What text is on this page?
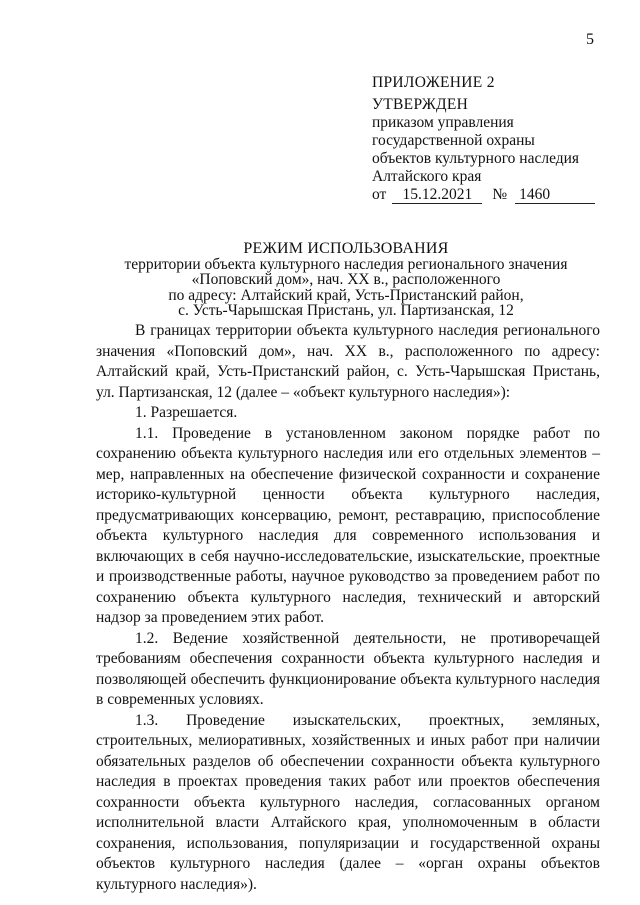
5
ПРИЛОЖЕНИЕ 2
УТВЕРЖДЕН
приказом управления
государственной охраны
объектов культурного наследия
Алтайского края
от	15.12.2021	№ 1460
РЕЖИМ ИСПОЛЬЗОВАНИЯ
территории объекта культурного наследия регионального значения
«Поповский дом», нач. XX в., расположенного
по адресу: Алтайский край, Усть-Пристанский район,
с. Усть-Чарышская Пристань, ул. Партизанская, 12

В границах территории объекта культурного наследия регионального значения «Поповский дом», нач. XX в., расположенного по адресу: Алтайский край, Усть-Пристанский район, с. Усть-Чарышская Пристань, ул. Партизанская, 12 (далее – «объект культурного наследия»):

1. Разрешается.

1.1. Проведение в установленном законом порядке работ по сохранению объекта культурного наследия или его отдельных элементов – мер, направленных на обеспечение физической сохранности и сохранение историко-культурной ценности объекта культурного наследия, предусматривающих консервацию, ремонт, реставрацию, приспособление объекта культурного наследия для современного использования и включающих в себя научно-исследовательские, изыскательские, проектные и производственные работы, научное руководство за проведением работ по сохранению объекта культурного наследия, технический и авторский надзор за проведением этих работ.

1.2. Ведение хозяйственной деятельности, не противоречащей требованиям обеспечения сохранности объекта культурного наследия и позволяющей обеспечить функционирование объекта культурного наследия в современных условиях.

1.3. Проведение изыскательских, проектных, земляных, строительных, мелиоративных, хозяйственных и иных работ при наличии обязательных разделов об обеспечении сохранности объекта культурного наследия в проектах проведения таких работ или проектов обеспечения сохранности объекта культурного наследия, согласованных органом исполнительной власти Алтайского края, уполномоченным в области сохранения, использования, популяризации и государственной охраны объектов культурного наследия (далее – «орган охраны объектов культурного наследия»).
